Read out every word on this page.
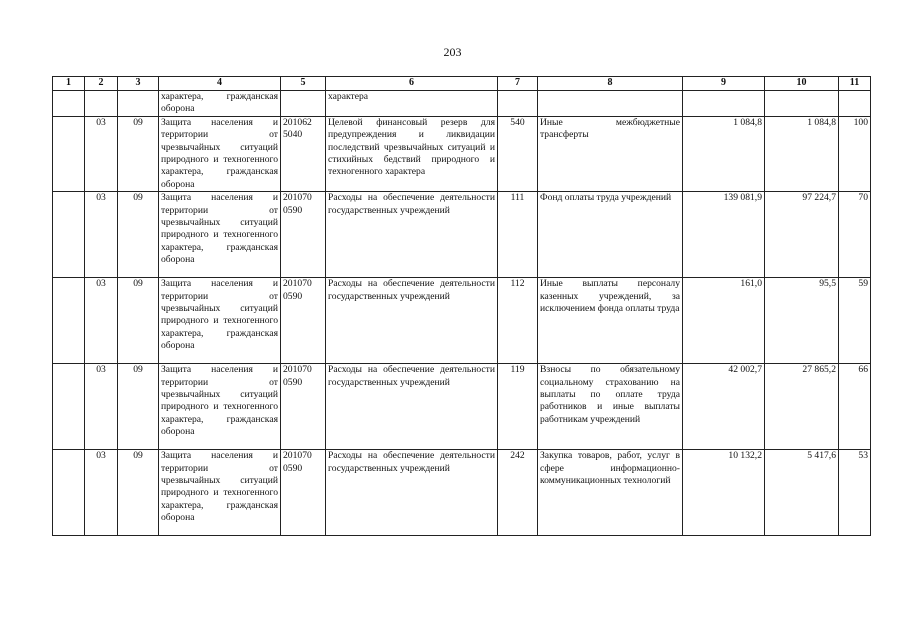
203
1	2	3	4	5	6	7	8	9	10	11
			характера, гражданская оборона		характера					
	03	09	Защита населения и территории от чрезвычайных ситуаций природного и техногенного характера, гражданская оборона	201062 5040	Целевой финансовый резерв для предупреждения и ликвидации последствий чрезвычайных ситуаций и стихийных бедствий природного и техногенного характера	540	Иные межбюджетные трансферты	1 084,8	1 084,8	100
	03	09	Защита населения и территории от чрезвычайных ситуаций природного и техногенного характера, гражданская оборона	201070 0590	Расходы на обеспечение деятельности государственных учреждений	111	Фонд оплаты труда учреждений	139 081,9	97 224,7	70
	03	09	Защита населения и территории от чрезвычайных ситуаций природного и техногенного характера, гражданская оборона	201070 0590	Расходы на обеспечение деятельности государственных учреждений	112	Иные выплаты персоналу казенных учреждений, за исключением фонда оплаты труда	161,0	95,5	59
	03	09	Защита населения и территории от чрезвычайных ситуаций природного и техногенного характера, гражданская оборона	201070 0590	Расходы на обеспечение деятельности государственных учреждений	119	Взносы по обязательному социальному страхованию на выплаты по оплате труда работников и иные выплаты работникам учреждений	42 002,7	27 865,2	66
	03	09	Защита населения и территории от чрезвычайных ситуаций природного и техногенного характера, гражданская оборона	201070 0590	Расходы на обеспечение деятельности государственных учреждений	242	Закупка товаров, работ, услуг в сфере информационно-коммуникационных технологий	10 132,2	5 417,6	53
